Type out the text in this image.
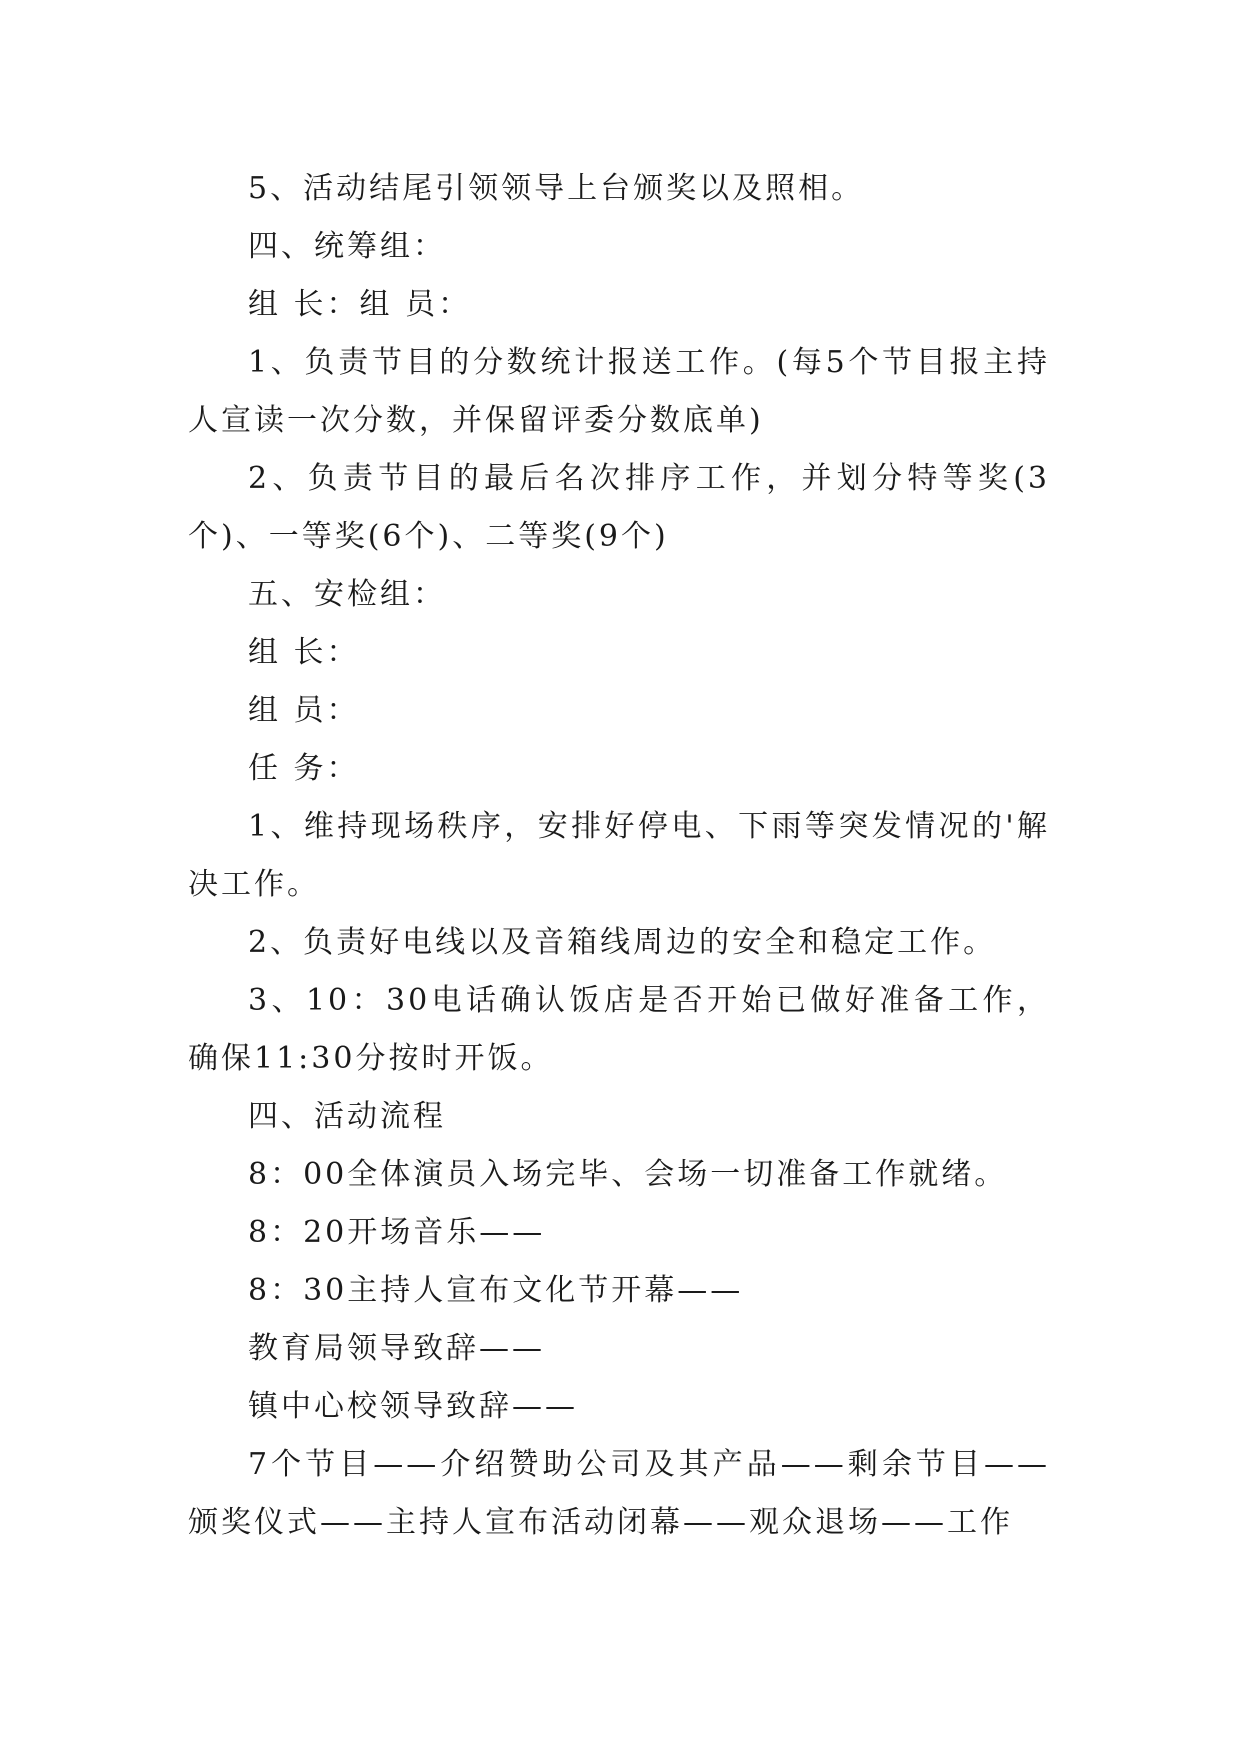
5、活动结尾引领领导上台颁奖以及照相。

四、统筹组：

组 长：组 员：

1、负责节目的分数统计报送工作。(每5个节目报主持人宣读一次分数，并保留评委分数底单)

2、负责节目的最后名次排序工作，并划分特等奖(3个)、一等奖(6个)、二等奖(9个)

五、安检组：

组 长：

组 员：

任 务：

1、维持现场秩序，安排好停电、下雨等突发情况的'解决工作。

2、负责好电线以及音箱线周边的安全和稳定工作。

3、10：30电话确认饭店是否开始已做好准备工作，确保11:30分按时开饭。

四、活动流程

8：00全体演员入场完毕、会场一切准备工作就绪。

8：20开场音乐——

8：30主持人宣布文化节开幕——

教育局领导致辞——

镇中心校领导致辞——

7个节目——介绍赞助公司及其产品——剩余节目——颁奖仪式——主持人宣布活动闭幕——观众退场——工作
